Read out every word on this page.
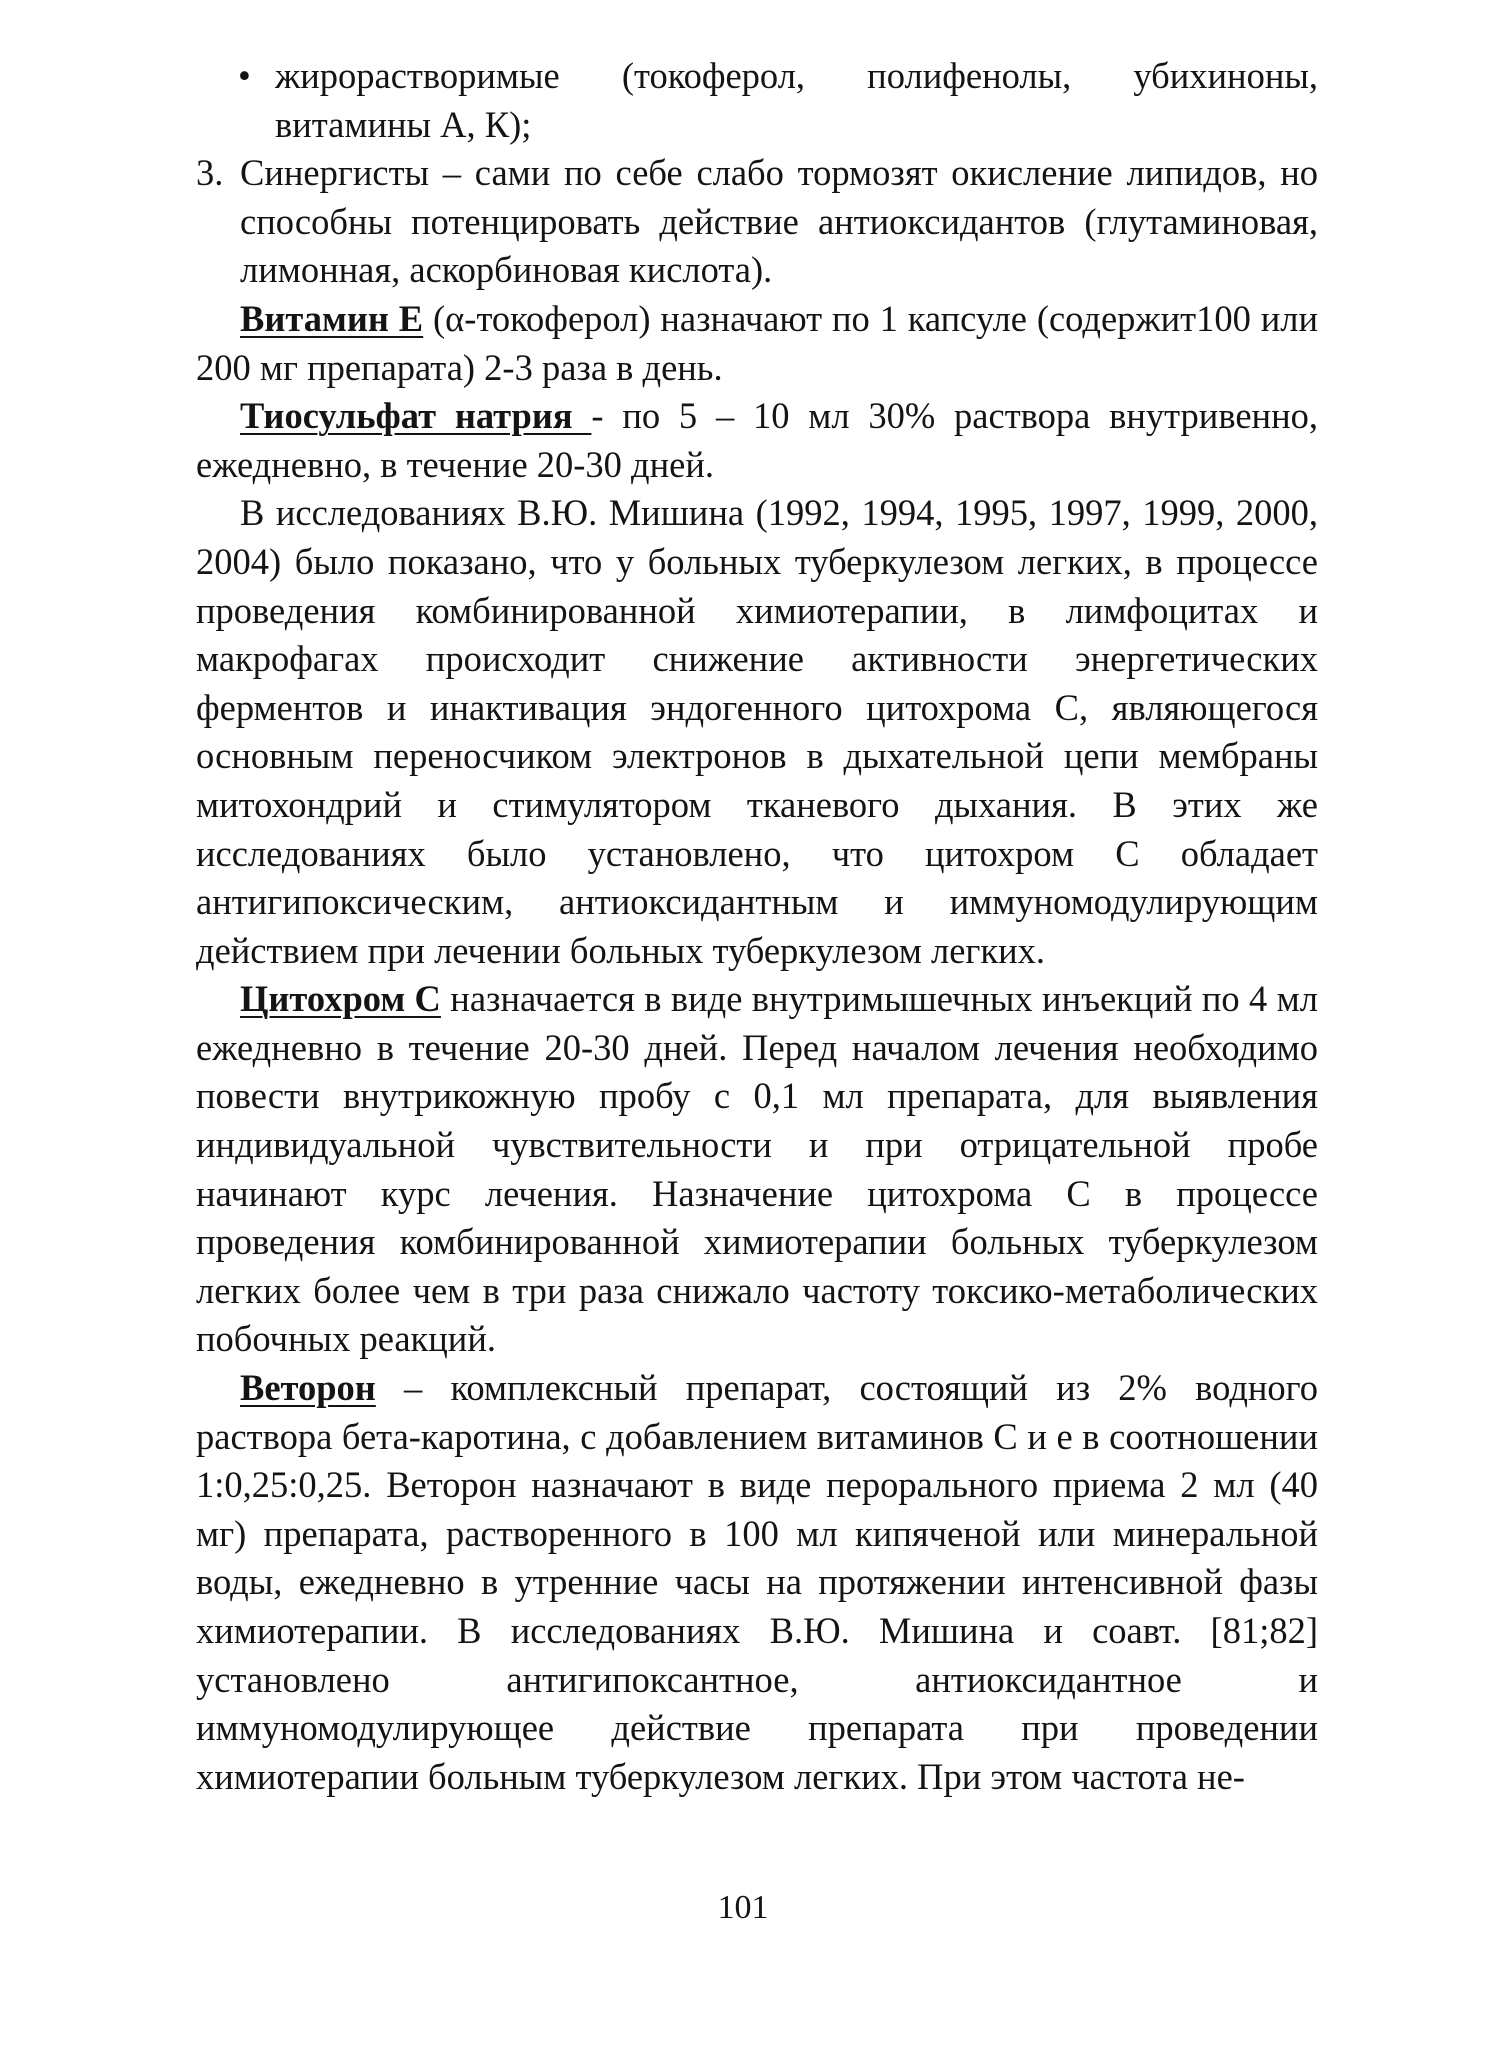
• жирорастворимые (токоферол, полифенолы, убихиноны, витамины А, К);
3. Синергисты – сами по себе слабо тормозят окисление липидов, но способны потенцировать действие антиоксидантов (глутаминовая, лимонная, аскорбиновая кислота).

Витамин Е (α-токоферол) назначают по 1 капсуле (содержит100 или 200 мг препарата) 2-3 раза в день.

Тиосульфат натрия - по 5 – 10 мл 30% раствора внутривенно, ежедневно, в течение 20-30 дней.

В исследованиях В.Ю. Мишина (1992, 1994, 1995, 1997, 1999, 2000, 2004) было показано, что у больных туберкулезом легких, в процессе проведения комбинированной химиотерапии, в лимфоцитах и макрофагах происходит снижение активности энергетических ферментов и инактивация эндогенного цитохрома С, являющегося основным переносчиком электронов в дыхательной цепи мембраны митохондрий и стимулятором тканевого дыхания. В этих же исследованиях было установлено, что цитохром С обладает антигипоксическим, антиоксидантным и иммуномодулирующим действием при лечении больных туберкулезом легких.

Цитохром С назначается в виде внутримышечных инъекций по 4 мл ежедневно в течение 20-30 дней. Перед началом лечения необходимо повести внутрикожную пробу с 0,1 мл препарата, для выявления индивидуальной чувствительности и при отрицательной пробе начинают курс лечения. Назначение цитохрома С в процессе проведения комбинированной химиотерапии больных туберкулезом легких более чем в три раза снижало частоту токсико-метаболических побочных реакций.

Веторон – комплексный препарат, состоящий из 2% водного раствора бета-каротина, с добавлением витаминов С и е в соотношении 1:0,25:0,25. Веторон назначают в виде перорального приема 2 мл (40 мг) препарата, растворенного в 100 мл кипяченой или минеральной воды, ежедневно в утренние часы на протяжении интенсивной фазы химиотерапии. В исследованиях В.Ю. Мишина и соавт. [81;82] установлено антигипоксантное, антиоксидантное и иммуномодулирующее действие препарата при проведении химиотерапии больным туберкулезом легких. При этом частота не-

101
